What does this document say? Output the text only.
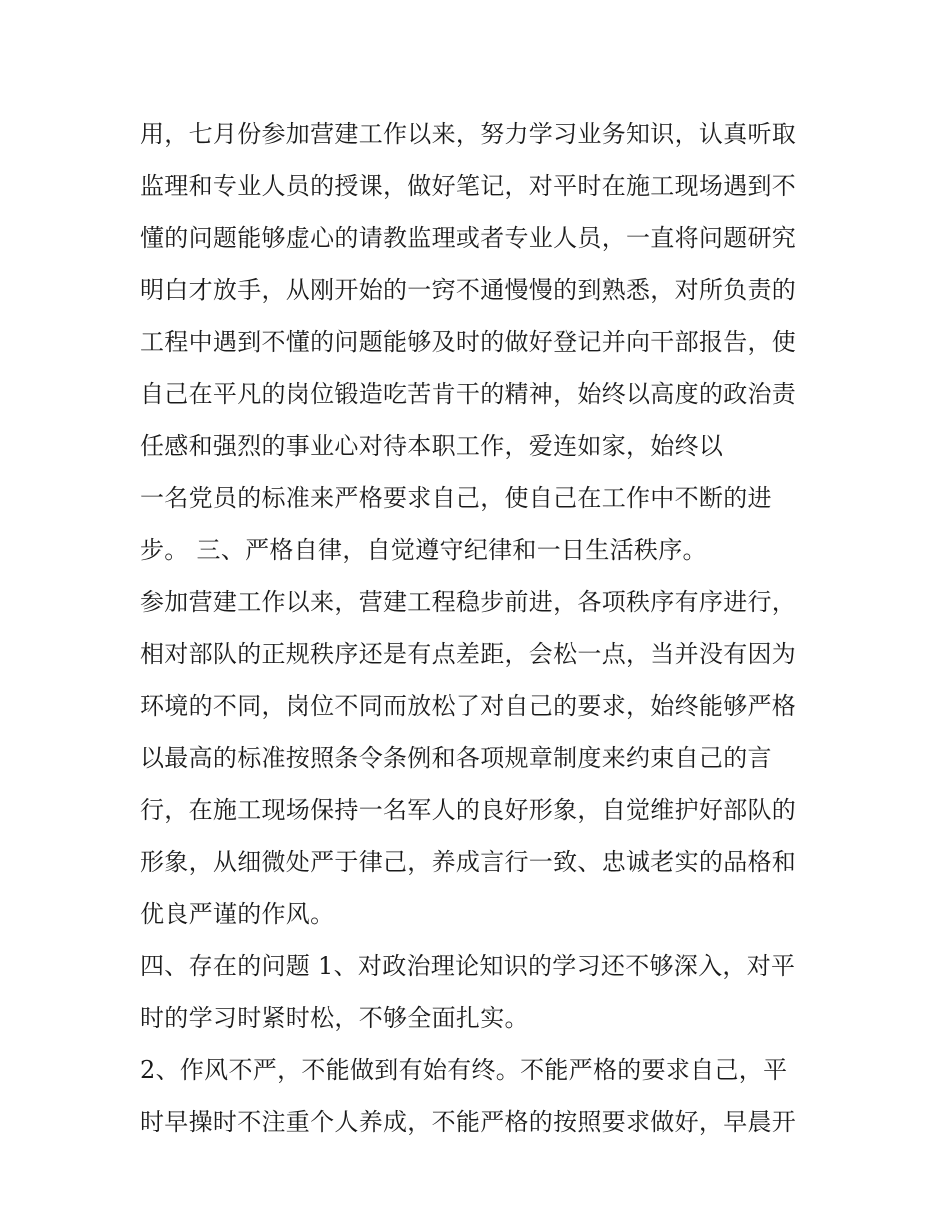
用，七月份参加营建工作以来，努力学习业务知识，认真听取
监理和专业人员的授课，做好笔记，对平时在施工现场遇到不
懂的问题能够虚心的请教监理或者专业人员，一直将问题研究
明白才放手，从刚开始的一窍不通慢慢的到熟悉，对所负责的
工程中遇到不懂的问题能够及时的做好登记并向干部报告，使
自己在平凡的岗位锻造吃苦肯干的精神，始终以高度的政治责
任感和强烈的事业心对待本职工作，爱连如家，始终以
一名党员的标准来严格要求自己，使自己在工作中不断的进
步。 三、严格自律，自觉遵守纪律和一日生活秩序。
参加营建工作以来，营建工程稳步前进，各项秩序有序进行，
相对部队的正规秩序还是有点差距，会松一点，当并没有因为
环境的不同，岗位不同而放松了对自己的要求，始终能够严格
以最高的标准按照条令条例和各项规章制度来约束自己的言
行，在施工现场保持一名军人的良好形象，自觉维护好部队的
形象，从细微处严于律己，养成言行一致、忠诚老实的品格和
优良严谨的作风。
四、存在的问题 1、对政治理论知识的学习还不够深入，对平
时的学习时紧时松，不够全面扎实。
2、作风不严，不能做到有始有终。不能严格的要求自己，平
时早操时不注重个人养成，不能严格的按照要求做好，早晨开
